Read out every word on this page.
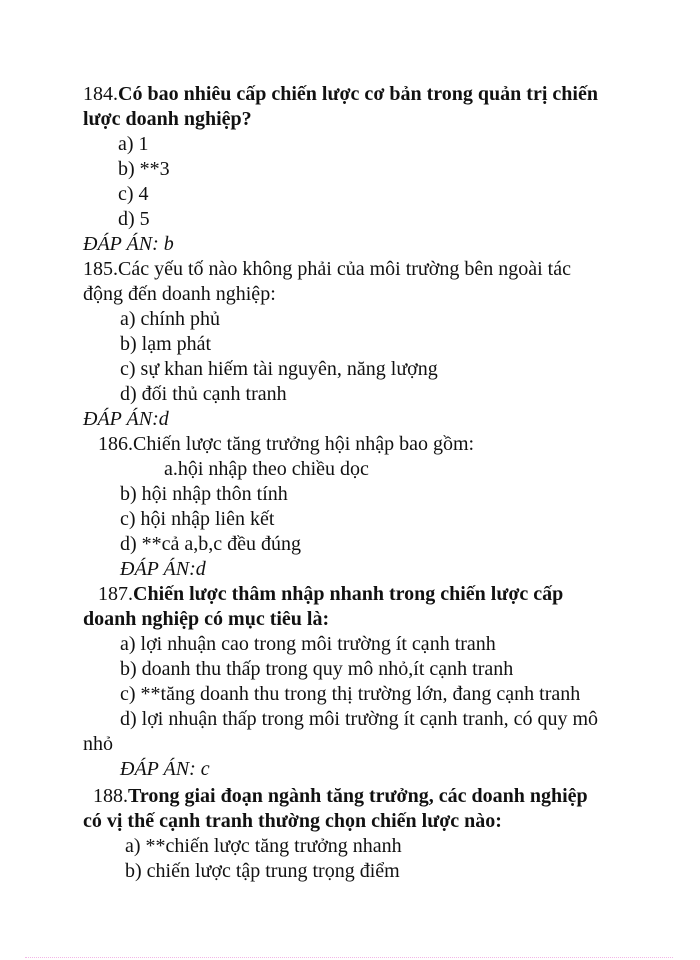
184.Có bao nhiêu cấp chiến lược cơ bản trong quản trị chiến
lược doanh nghiệp?
a) 1
b) **3
c) 4
d) 5
ĐÁP ÁN: b
185.Các yếu tố nào không phải của môi trường bên ngoài tác
động đến doanh nghiệp:
a) chính phủ
b) lạm phát
c) sự khan hiếm tài nguyên, năng lượng
d) đối thủ cạnh tranh
ĐÁP ÁN:d
186.Chiến lược tăng trưởng hội nhập bao gồm:
a.hội nhập theo chiều dọc
b) hội nhập thôn tính
c) hội nhập liên kết
d) **cả a,b,c đều đúng
ĐÁP ÁN:d
187.Chiến lược thâm nhập nhanh trong chiến lược cấp
doanh nghiệp có mục tiêu là:
a) lợi nhuận cao trong môi trường ít cạnh tranh
b) doanh thu thấp trong quy mô nhỏ,ít cạnh tranh
c) **tăng doanh thu trong thị trường lớn, đang cạnh tranh
d) lợi nhuận thấp trong môi trường ít cạnh tranh, có quy mô
nhỏ
ĐÁP ÁN: c
188.Trong giai đoạn ngành tăng trưởng, các doanh nghiệp
có vị thế cạnh tranh thường chọn chiến lược nào:
a) **chiến lược tăng trưởng nhanh
b) chiến lược tập trung trọng điểm
